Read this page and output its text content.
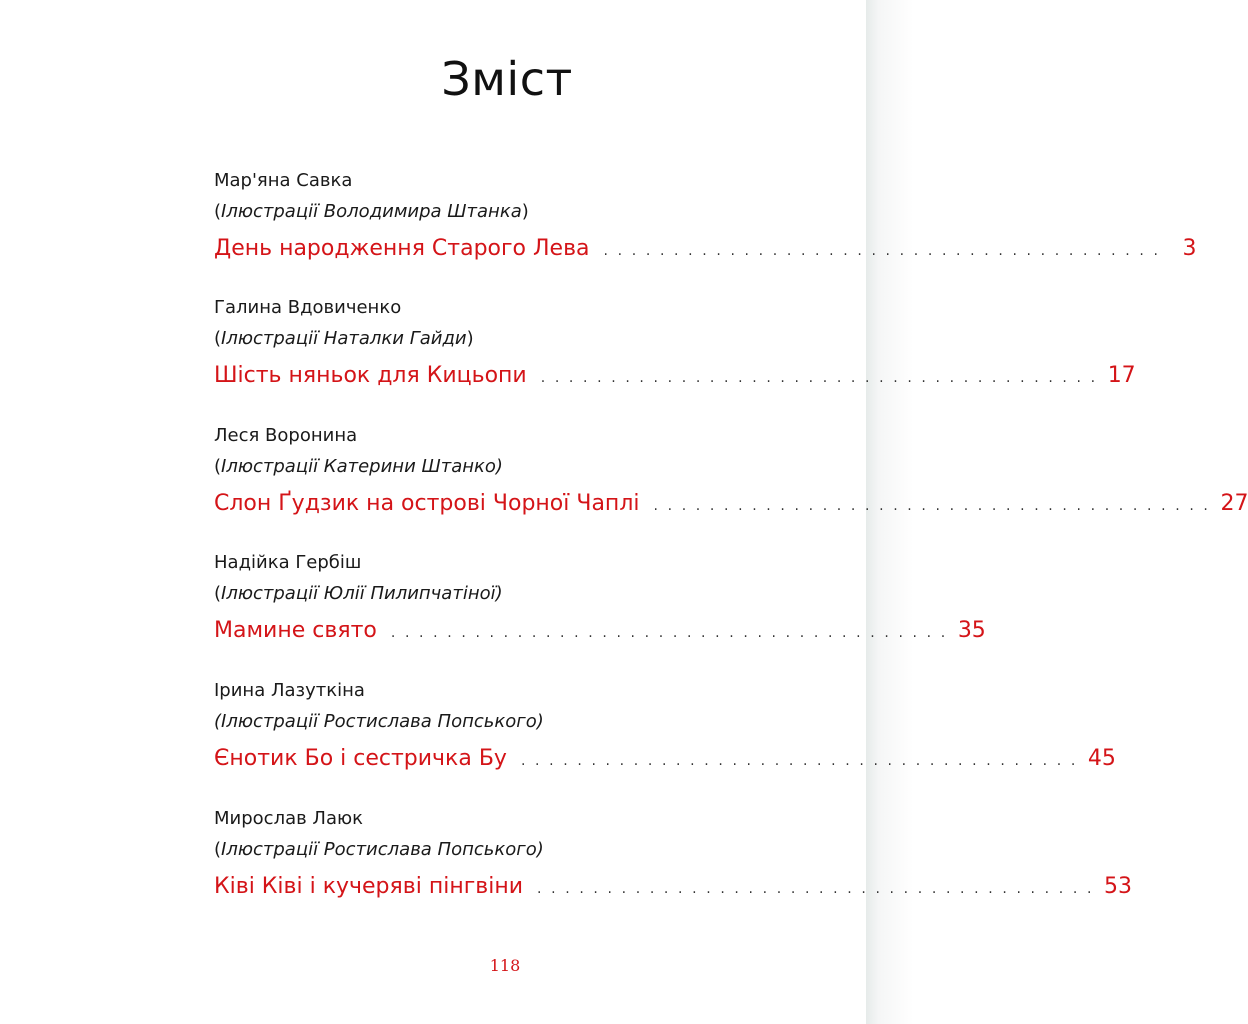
Зміст
Мар'яна Савка
(Ілюстрації Володимира Штанка)
День народження Старого Лева . . . . . . . . . . . . . . . . . . . . . . . . . . . . . . . . . . . . . . . .	3
Галина Вдовиченко
(Ілюстрації Наталки Гайди)
Шість няньок для Кицьопи . . . . . . . . . . . . . . . . . . . . . . . . . . . . . . . . . . . . . . . . 17
Леся Воронина
(Ілюстрації Катерини Штанко)
Слон Ґудзик на острові Чорної Чаплі . . . . . . . . . . . . . . . . . . . . . . . . . . . . . . . . . . . . . . . . 27
Надійка Гербіш
(Ілюстрації Юлії Пилипчатіної)
Мамине свято . . . . . . . . . . . . . . . . . . . . . . . . . . . . . . . . . . . . . . . . 35
Ірина Лазуткіна
(Ілюстрації Ростислава Попського)
Єнотик Бо і сестричка Бу . . . . . . . . . . . . . . . . . . . . . . . . . . . . . . . . . . . . . . . . 45
Мирослав Лаюк
(Ілюстрації Ростислава Попського)
Ківі Ківі і кучеряві пінгвіни . . . . . . . . . . . . . . . . . . . . . . . . . . . . . . . . . . . . . . . . 53
118
